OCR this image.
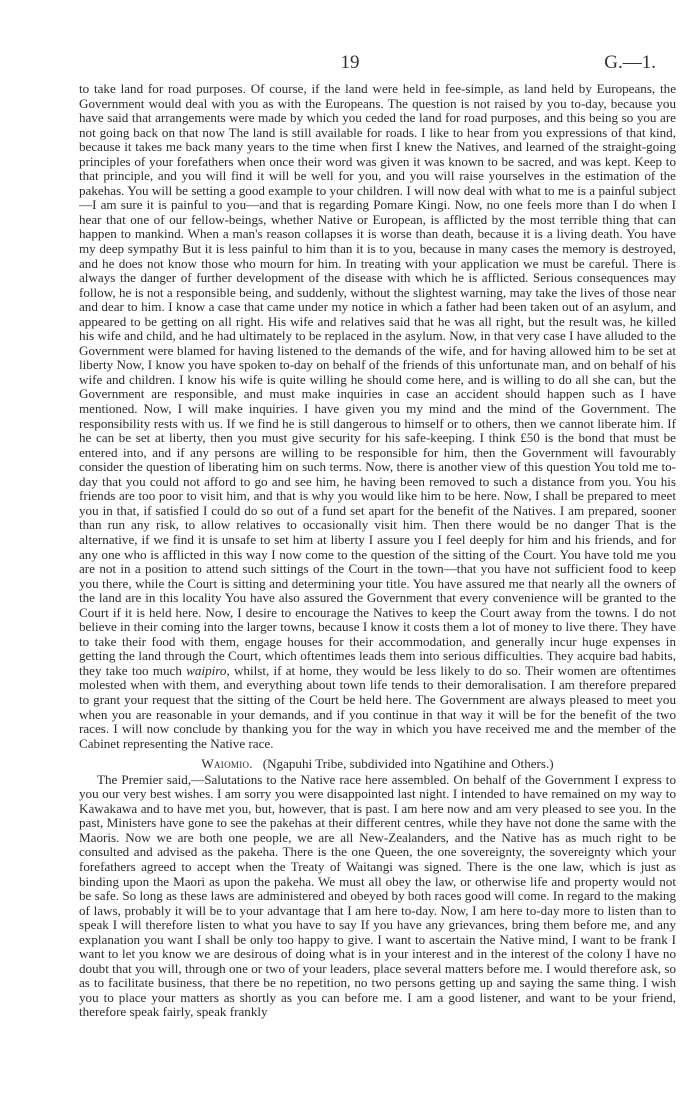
19	G.—1.

to take land for road purposes. Of course, if the land were held in fee-simple, as land held by Europeans, the Government would deal with you as with the Europeans. The question is not raised by you to-day, because you have said that arrangements were made by which you ceded the land for road purposes, and this being so you are not going back on that now The land is still available for roads. I like to hear from you expressions of that kind, because it takes me back many years to the time when first I knew the Natives, and learned of the straight-going principles of your forefathers when once their word was given it was known to be sacred, and was kept. Keep to that principle, and you will find it will be well for you, and you will raise yourselves in the estimation of the pakehas. You will be setting a good example to your children. I will now deal with what to me is a painful subject—I am sure it is painful to you—and that is regarding Pomare Kingi. Now, no one feels more than I do when I hear that one of our fellow-beings, whether Native or European, is afflicted by the most terrible thing that can happen to mankind. When a man's reason collapses it is worse than death, because it is a living death. You have my deep sympathy But it is less painful to him than it is to you, because in many cases the memory is destroyed, and he does not know those who mourn for him. In treating with your application we must be careful. There is always the danger of further development of the disease with which he is afflicted. Serious consequences may follow, he is not a responsible being, and suddenly, without the slightest warning, may take the lives of those near and dear to him. I know a case that came under my notice in which a father had been taken out of an asylum, and appeared to be getting on all right. His wife and relatives said that he was all right, but the result was, he killed his wife and child, and he had ultimately to be replaced in the asylum. Now, in that very case I have alluded to the Government were blamed for having listened to the demands of the wife, and for having allowed him to be set at liberty Now, I know you have spoken to-day on behalf of the friends of this unfortunate man, and on behalf of his wife and children. I know his wife is quite willing he should come here, and is willing to do all she can, but the Government are responsible, and must make inquiries in case an accident should happen such as I have mentioned. Now, I will make inquiries. I have given you my mind and the mind of the Government. The responsibility rests with us. If we find he is still dangerous to himself or to others, then we cannot liberate him. If he can be set at liberty, then you must give security for his safe-keeping. I think £50 is the bond that must be entered into, and if any persons are willing to be responsible for him, then the Government will favourably consider the question of liberating him on such terms. Now, there is another view of this question You told me to-day that you could not afford to go and see him, he having been removed to such a distance from you. You his friends are too poor to visit him, and that is why you would like him to be here. Now, I shall be prepared to meet you in that, if satisfied I could do so out of a fund set apart for the benefit of the Natives. I am prepared, sooner than run any risk, to allow relatives to occasionally visit him. Then there would be no danger That is the alternative, if we find it is unsafe to set him at liberty I assure you I feel deeply for him and his friends, and for any one who is afflicted in this way I now come to the question of the sitting of the Court. You have told me you are not in a position to attend such sittings of the Court in the town—that you have not sufficient food to keep you there, while the Court is sitting and determining your title. You have assured me that nearly all the owners of the land are in this locality You have also assured the Government that every convenience will be granted to the Court if it is held here. Now, I desire to encourage the Natives to keep the Court away from the towns. I do not believe in their coming into the larger towns, because I know it costs them a lot of money to live there. They have to take their food with them, engage houses for their accommodation, and generally incur huge expenses in getting the land through the Court, which oftentimes leads them into serious difficulties. They acquire bad habits, they take too much waipiro, whilst, if at home, they would be less likely to do so. Their women are oftentimes molested when with them, and everything about town life tends to their demoralisation. I am therefore prepared to grant your request that the sitting of the Court be held here. The Government are always pleased to meet you when you are reasonable in your demands, and if you continue in that way it will be for the benefit of the two races. I will now conclude by thanking you for the way in which you have received me and the member of the Cabinet representing the Native race.

Waiomio. (Ngapuhi Tribe, subdivided into Ngatihine and Others.)

The Premier said,—Salutations to the Native race here assembled. On behalf of the Government I express to you our very best wishes. I am sorry you were disappointed last night. I intended to have remained on my way to Kawakawa and to have met you, but, however, that is past. I am here now and am very pleased to see you. In the past, Ministers have gone to see the pakehas at their different centres, while they have not done the same with the Maoris. Now we are both one people, we are all New-Zealanders, and the Native has as much right to be consulted and advised as the pakeha. There is the one Queen, the one sovereignty, the sovereignty which your forefathers agreed to accept when the Treaty of Waitangi was signed. There is the one law, which is just as binding upon the Maori as upon the pakeha. We must all obey the law, or otherwise life and property would not be safe. So long as these laws are administered and obeyed by both races good will come. In regard to the making of laws, probably it will be to your advantage that I am here to-day. Now, I am here to-day more to listen than to speak I will therefore listen to what you have to say If you have any grievances, bring them before me, and any explanation you want I shall be only too happy to give. I want to ascertain the Native mind, I want to be frank I want to let you know we are desirous of doing what is in your interest and in the interest of the colony I have no doubt that you will, through one or two of your leaders, place several matters before me. I would therefore ask, so as to facilitate business, that there be no repetition, no two persons getting up and saying the same thing. I wish you to place your matters as shortly as you can before me. I am a good listener, and want to be your friend, therefore speak fairly, speak frankly
